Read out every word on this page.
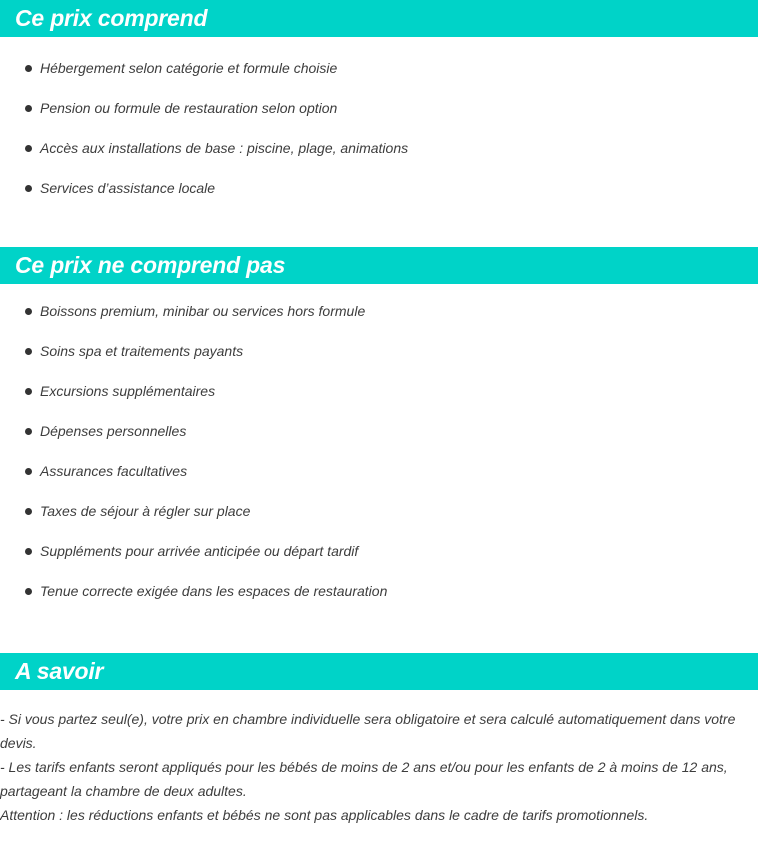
Ce prix comprend
Hébergement selon catégorie et formule choisie
Pension ou formule de restauration selon option
Accès aux installations de base : piscine, plage, animations
Services d’assistance locale
Ce prix ne comprend pas
Boissons premium, minibar ou services hors formule
Soins spa et traitements payants
Excursions supplémentaires
Dépenses personnelles
Assurances facultatives
Taxes de séjour à régler sur place
Suppléments pour arrivée anticipée ou départ tardif
Tenue correcte exigée dans les espaces de restauration
A savoir

- Si vous partez seul(e), votre prix en chambre individuelle sera obligatoire et sera calculé automatiquement dans votre devis.

- Les tarifs enfants seront appliqués pour les bébés de moins de 2 ans et/ou pour les enfants de 2 à moins de 12 ans, partageant la chambre de deux adultes.

Attention : les réductions enfants et bébés ne sont pas applicables dans le cadre de tarifs promotionnels.
